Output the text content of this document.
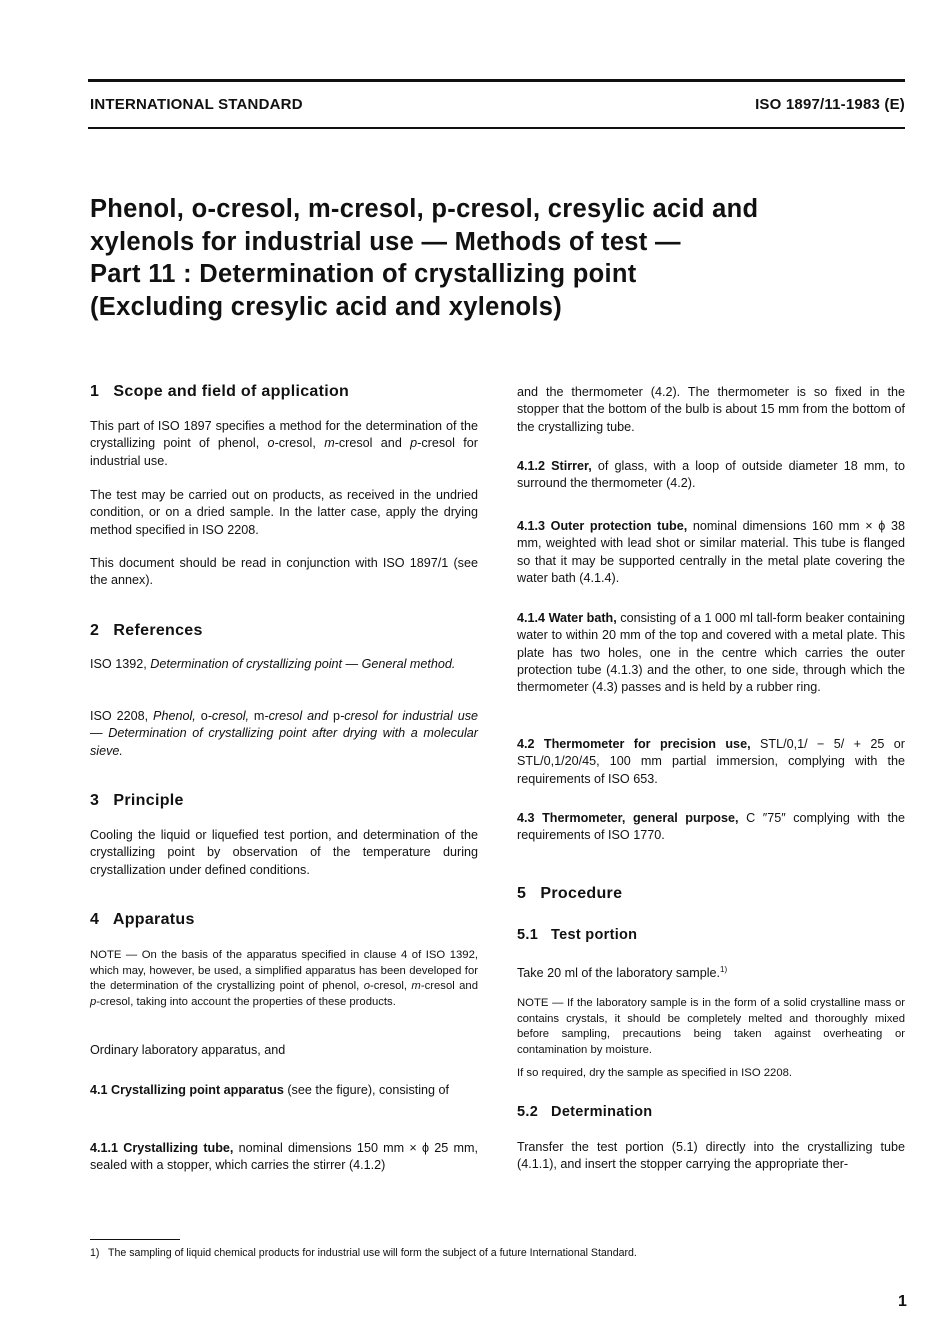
INTERNATIONAL STANDARD	ISO 1897/11-1983 (E)
Phenol, o-cresol, m-cresol, p-cresol, cresylic acid and
xylenols for industrial use — Methods of test —
Part 11 : Determination of crystallizing point
(Excluding cresylic acid and xylenols)
1   Scope and field of application
This part of ISO 1897 specifies a method for the determination of the crystallizing point of phenol, o-cresol, m-cresol and p-cresol for industrial use.
The test may be carried out on products, as received in the undried condition, or on a dried sample. In the latter case, apply the drying method specified in ISO 2208.
This document should be read in conjunction with ISO 1897/1 (see the annex).
2   References
ISO 1392, Determination of crystallizing point — General method.
ISO 2208, Phenol, o-cresol, m-cresol and p-cresol for industrial use — Determination of crystallizing point after drying with a molecular sieve.
3   Principle
Cooling the liquid or liquefied test portion, and determination of the crystallizing point by observation of the temperature during crystallization under defined conditions.
4   Apparatus
NOTE — On the basis of the apparatus specified in clause 4 of ISO 1392, which may, however, be used, a simplified apparatus has been developed for the determination of the crystallizing point of phenol, o-cresol, m-cresol and p-cresol, taking into account the properties of these products.
Ordinary laboratory apparatus, and
4.1 Crystallizing point apparatus (see the figure), consisting of
4.1.1 Crystallizing tube, nominal dimensions 150 mm × ϕ 25 mm, sealed with a stopper, which carries the stirrer (4.1.2)
and the thermometer (4.2). The thermometer is so fixed in the stopper that the bottom of the bulb is about 15 mm from the bottom of the crystallizing tube.
4.1.2 Stirrer, of glass, with a loop of outside diameter 18 mm, to surround the thermometer (4.2).
4.1.3 Outer protection tube, nominal dimensions 160 mm × ϕ 38 mm, weighted with lead shot or similar material. This tube is flanged so that it may be supported centrally in the metal plate covering the water bath (4.1.4).
4.1.4 Water bath, consisting of a 1 000 ml tall-form beaker containing water to within 20 mm of the top and covered with a metal plate. This plate has two holes, one in the centre which carries the outer protection tube (4.1.3) and the other, to one side, through which the thermometer (4.3) passes and is held by a rubber ring.
4.2 Thermometer for precision use, STL/0,1/ − 5/ + 25 or STL/0,1/20/45, 100 mm partial immersion, complying with the requirements of ISO 653.
4.3 Thermometer, general purpose, C ″75″ complying with the requirements of ISO 1770.
5   Procedure
5.1   Test portion
Take 20 ml of the laboratory sample.$^{1)}$
NOTE — If the laboratory sample is in the form of a solid crystalline mass or contains crystals, it should be completely melted and thoroughly mixed before sampling, precautions being taken against overheating or contamination by moisture.
If so required, dry the sample as specified in ISO 2208.
5.2   Determination
Transfer the test portion (5.1) directly into the crystallizing tube (4.1.1), and insert the stopper carrying the appropriate ther-
1)   The sampling of liquid chemical products for industrial use will form the subject of a future International Standard.
1
